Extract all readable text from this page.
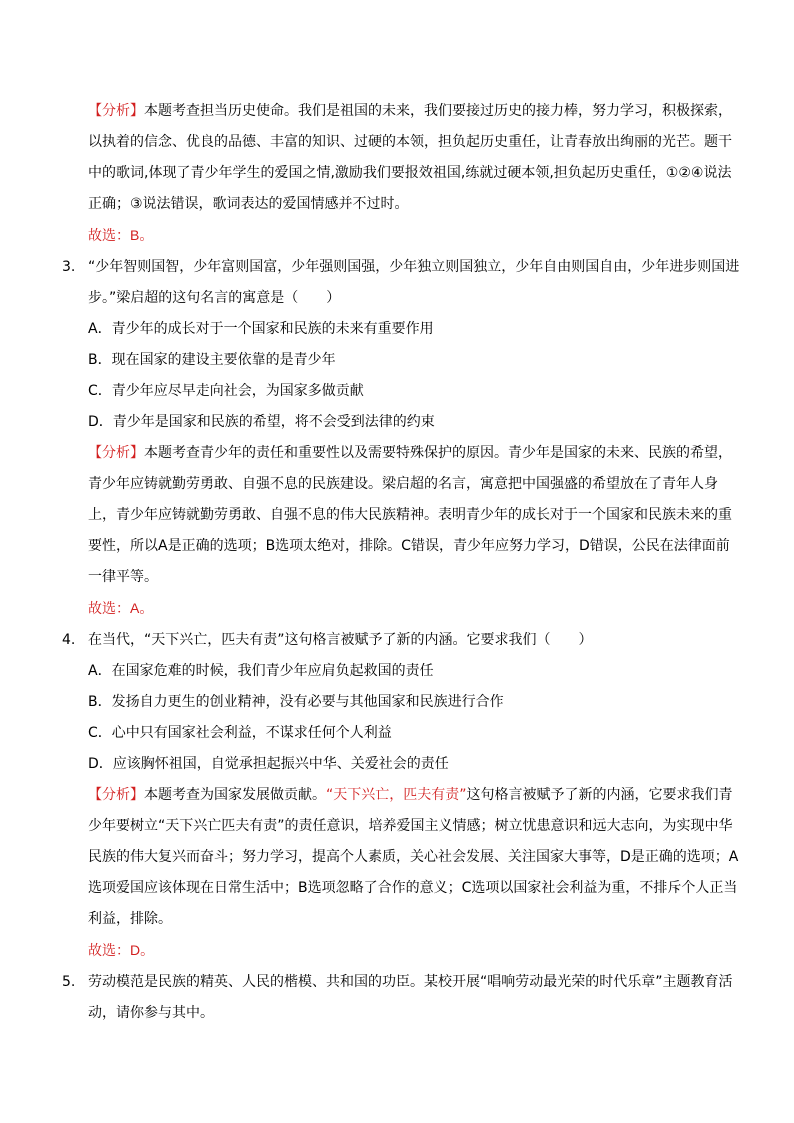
【分析】本题考查担当历史使命。我们是祖国的未来，我们要接过历史的接力棒，努力学习，积极探索，以执着的信念、优良的品德、丰富的知识、过硬的本领，担负起历史重任，让青春放出绚丽的光芒。题干中的歌词,体现了青少年学生的爱国之情,激励我们要报效祖国,练就过硬本领,担负起历史重任，①②④说法正确；③说法错误，歌词表达的爱国情感并不过时。
故选：B。
3. “少年智则国智，少年富则国富，少年强则国强，少年独立则国独立，少年自由则国自由，少年进步则国进步。”梁启超的这句名言的寓意是（　　）
A．青少年的成长对于一个国家和民族的未来有重要作用
B．现在国家的建设主要依靠的是青少年
C．青少年应尽早走向社会，为国家多做贡献
D．青少年是国家和民族的希望，将不会受到法律的约束
【分析】本题考查青少年的责任和重要性以及需要特殊保护的原因。青少年是国家的未来、民族的希望，青少年应铸就勤劳勇敢、自强不息的民族建设。梁启超的名言，寓意把中国强盛的希望放在了青年人身上，青少年应铸就勤劳勇敢、自强不息的伟大民族精神。表明青少年的成长对于一个国家和民族未来的重要性，所以A是正确的选项；B选项太绝对，排除。C错误，青少年应努力学习，D错误，公民在法律面前一律平等。
故选：A。
4. 在当代，“天下兴亡，匹夫有责”这句格言被赋予了新的内涵。它要求我们（　　）
A．在国家危难的时候，我们青少年应肩负起救国的责任
B．发扬自力更生的创业精神，没有必要与其他国家和民族进行合作
C．心中只有国家社会利益，不谋求任何个人利益
D．应该胸怀祖国，自觉承担起振兴中华、关爱社会的责任
【分析】本题考查为国家发展做贡献。“天下兴亡，匹夫有责”这句格言被赋予了新的内涵，它要求我们青少年要树立“天下兴亡匹夫有责”的责任意识，培养爱国主义情感；树立忧患意识和远大志向，为实现中华民族的伟大复兴而奋斗；努力学习，提高个人素质，关心社会发展、关注国家大事等，D是正确的选项；A选项爱国应该体现在日常生活中；B选项忽略了合作的意义；C选项以国家社会利益为重，不排斥个人正当利益，排除。
故选：D。
5. 劳动模范是民族的精英、人民的楷模、共和国的功臣。某校开展“唱响劳动最光荣的时代乐章”主题教育活动，请你参与其中。
